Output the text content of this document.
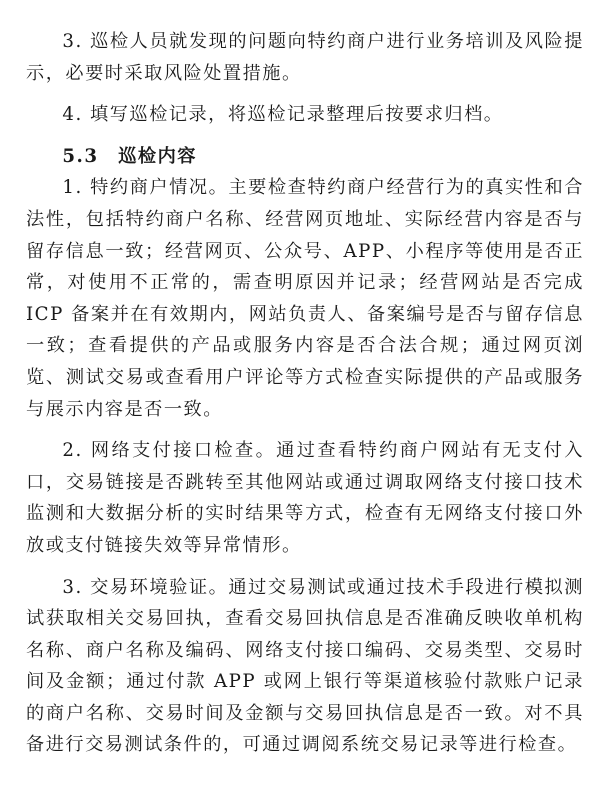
3. 巡检人员就发现的问题向特约商户进行业务培训及风险提示，必要时采取风险处置措施。

4. 填写巡检记录，将巡检记录整理后按要求归档。

5.3　巡检内容

1. 特约商户情况。主要检查特约商户经营行为的真实性和合法性，包括特约商户名称、经营网页地址、实际经营内容是否与留存信息一致；经营网页、公众号、APP、小程序等使用是否正常，对使用不正常的，需查明原因并记录；经营网站是否完成 ICP 备案并在有效期内，网站负责人、备案编号是否与留存信息一致；查看提供的产品或服务内容是否合法合规；通过网页浏览、测试交易或查看用户评论等方式检查实际提供的产品或服务与展示内容是否一致。

2. 网络支付接口检查。通过查看特约商户网站有无支付入口，交易链接是否跳转至其他网站或通过调取网络支付接口技术监测和大数据分析的实时结果等方式，检查有无网络支付接口外放或支付链接失效等异常情形。

3. 交易环境验证。通过交易测试或通过技术手段进行模拟测试获取相关交易回执，查看交易回执信息是否准确反映收单机构名称、商户名称及编码、网络支付接口编码、交易类型、交易时间及金额；通过付款 APP 或网上银行等渠道核验付款账户记录的商户名称、交易时间及金额与交易回执信息是否一致。对不具备进行交易测试条件的，可通过调阅系统交易记录等进行检查。
